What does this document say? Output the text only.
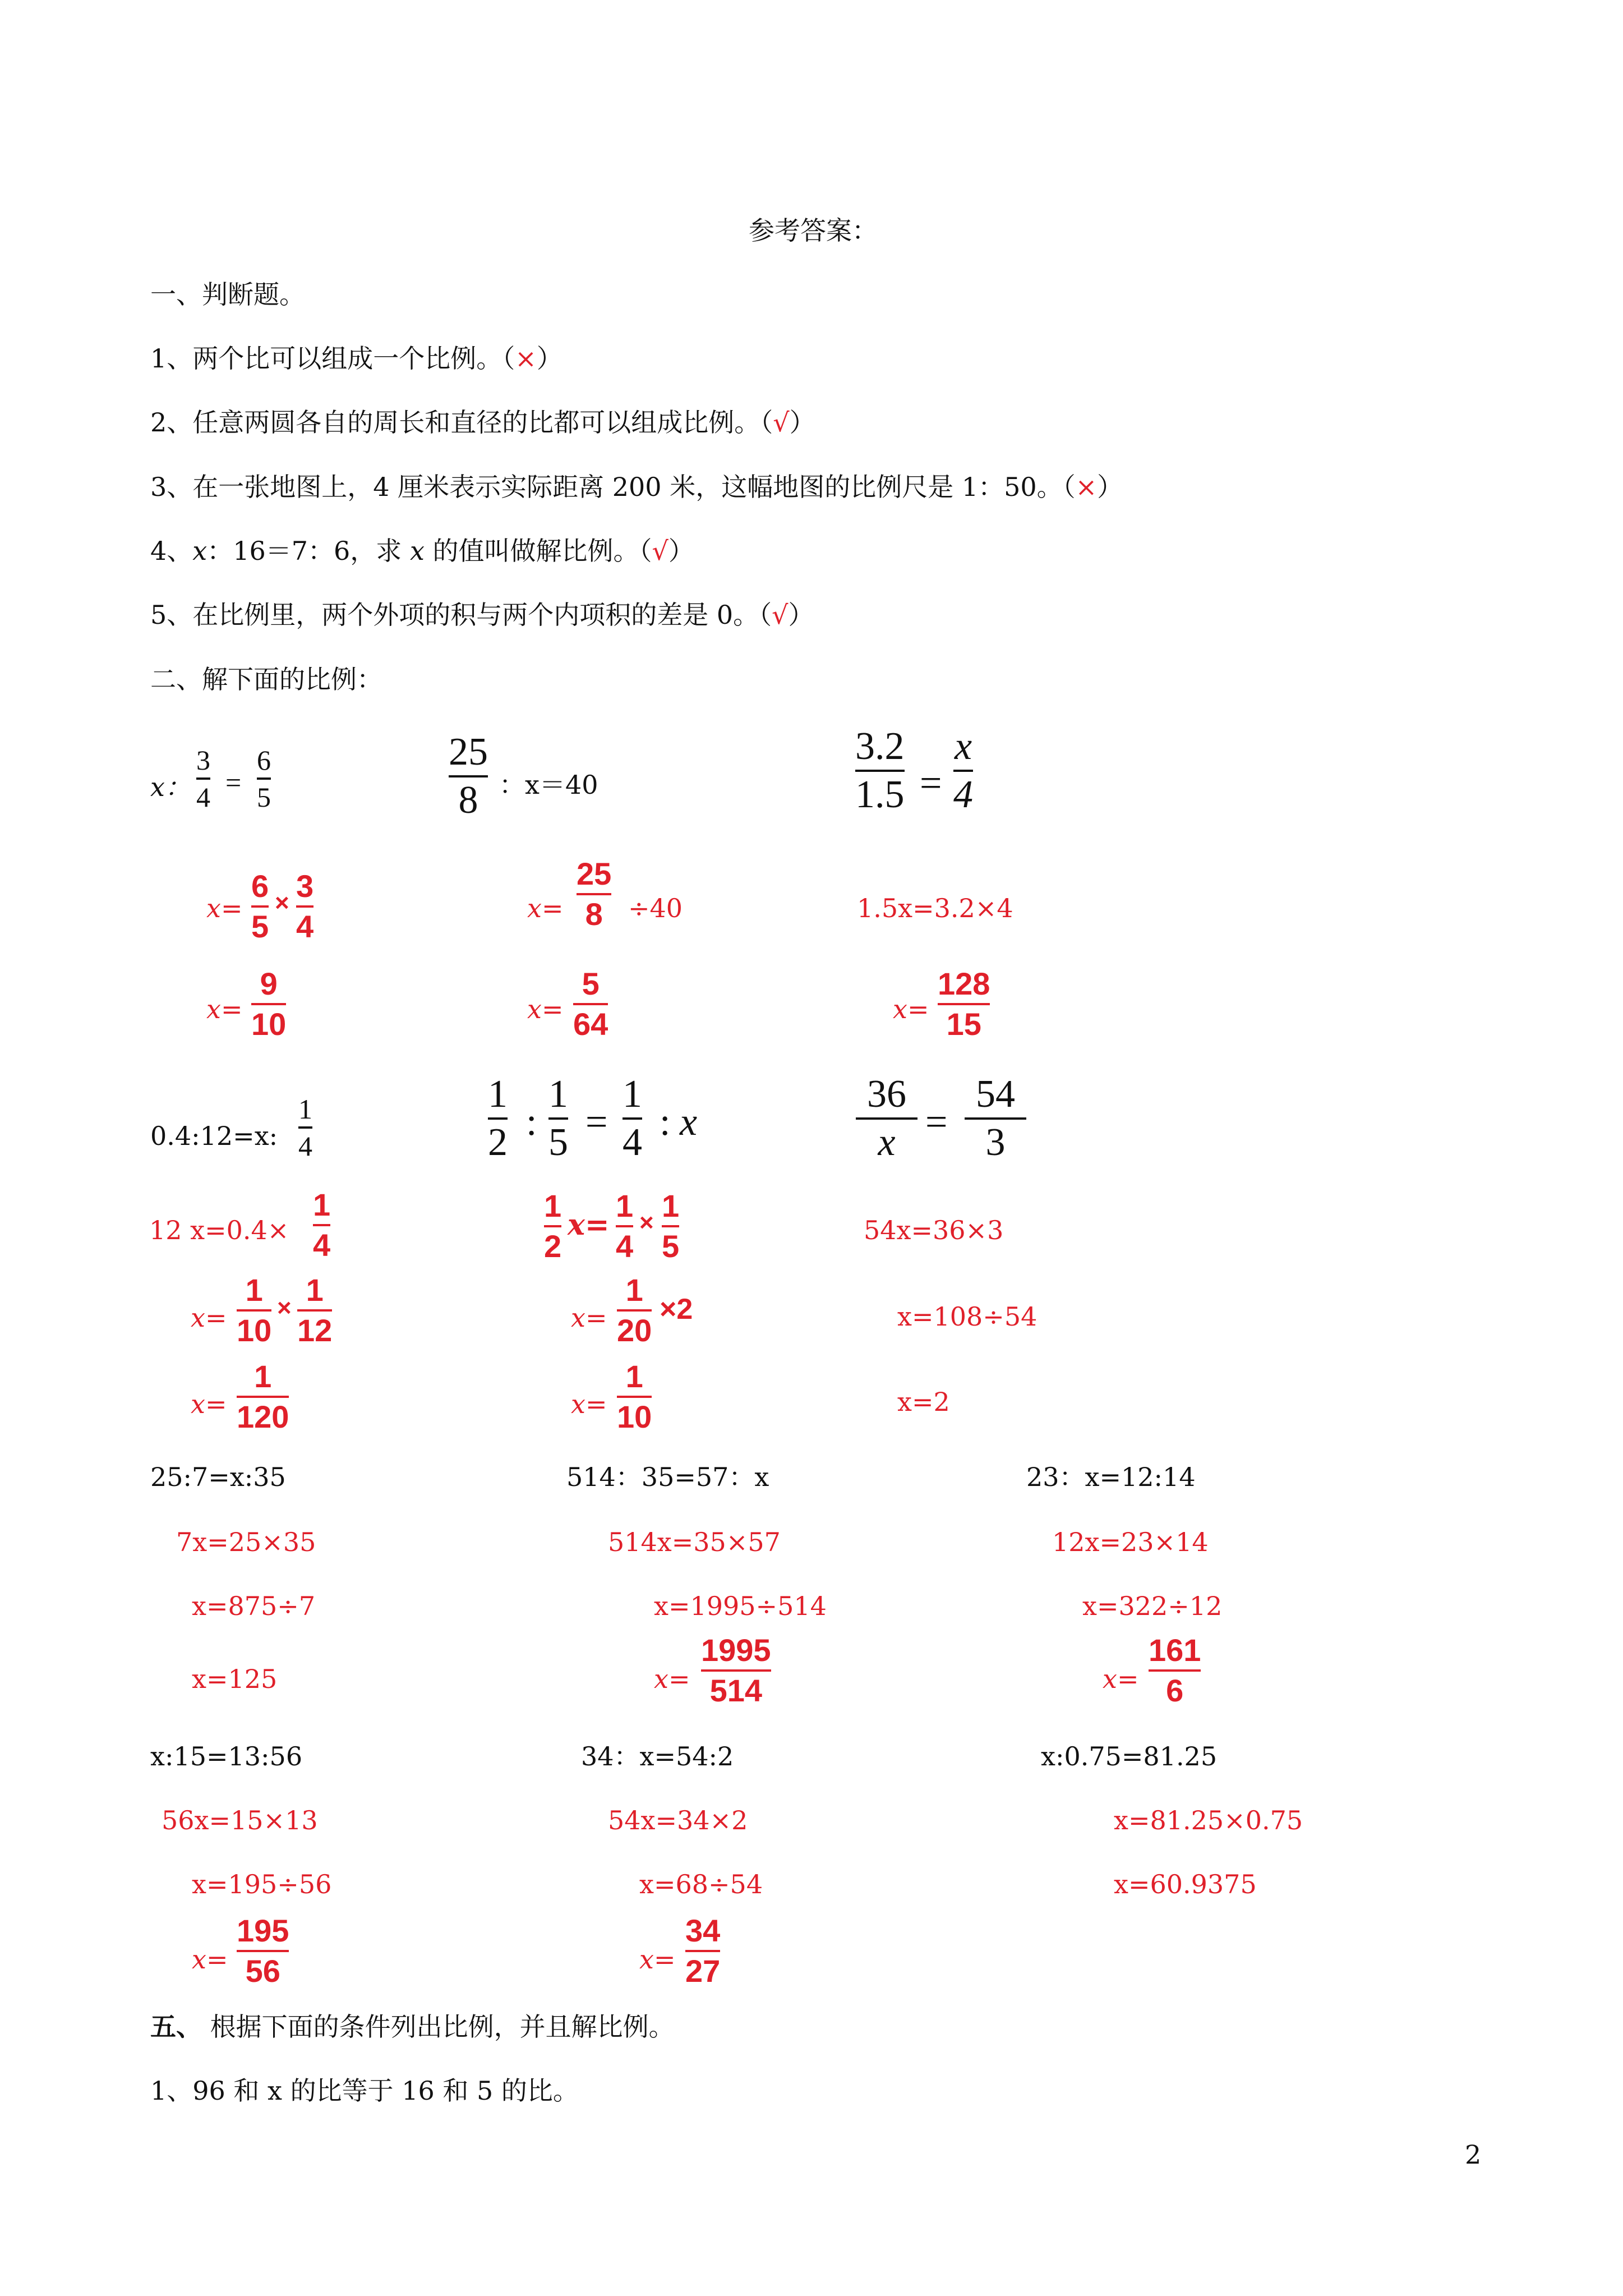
参考答案：
一、判断题。
1、两个比可以组成一个比例。（×）
2、任意两圆各自的周长和直径的比都可以组成比例。（√）
3、在一张地图上，4 厘米表示实际距离 200 米，这幅地图的比例尺是 1：50。（×）
4、x：16＝7：6，求 x 的值叫做解比例。（√）
5、在比例里，两个外项的积与两个内项积的差是 0。（√）
二、解下面的比例：
x：
3
4 =
6
5
x=
6
5
× 3
4
x=
9
10
25
8 ：x＝40
x=
25
8 ÷40
x=
5
64
3.2
1.5 =
x
4
1.5x=3.2×4
x=
128
15
0.4:12=x:
1
4
12 x=0.4×
1
4
x=
1
10
×
1
12
x=
1
120
1
2 :
1
5 =
1
4 : x
1
2
x=
1
4
× 1
5
x=
1
20
×2
x=
1
10
36
x =
54
3
54x=36×3
x=108÷54
x=2
25:7=x:35
7x=25×35
x=875÷7
x=125
514：35=57：x
514x=35×57
x=1995÷514
x=
1995
514
23：x=12:14
12x=23×14
x=322÷12
x=
161
6
x:15=13:56
56x=15×13
x=195÷56
x=
195
56
34：x=54:2
54x=34×2
x=68÷54
x=
34
27
x:0.75=81.25
x=81.25×0.75
x=60.9375
五、 根据下面的条件列出比例，并且解比例。
1、96 和 x 的比等于 16 和 5 的比。
2
